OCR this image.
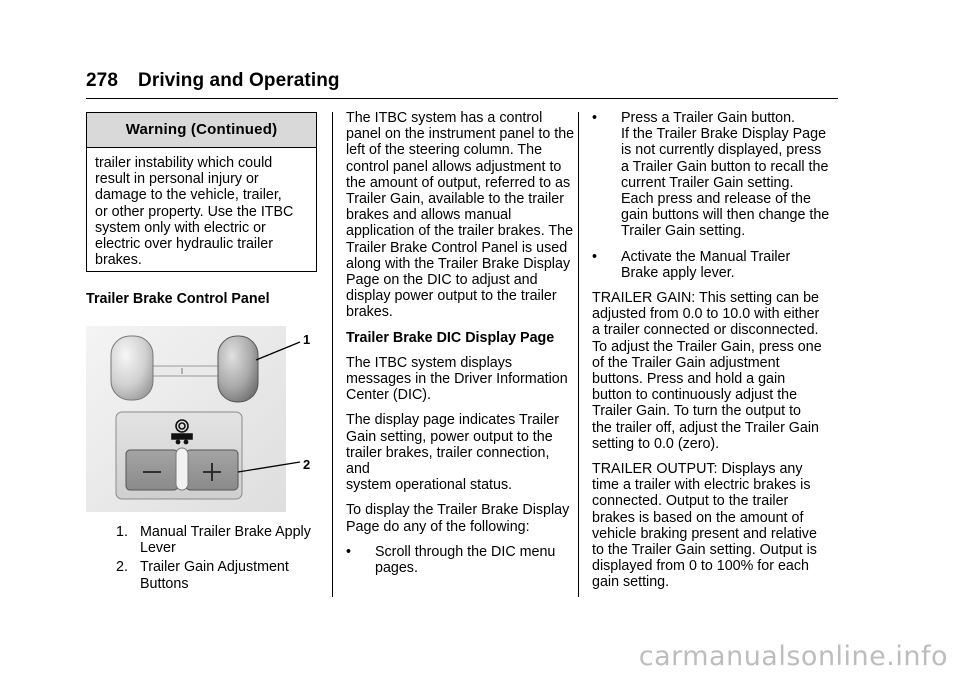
278 Driving and Operating
Warning (Continued)
trailer instability which could
result in personal injury or
damage to the vehicle, trailer,
or other property. Use the ITBC
system only with electric or
electric over hydraulic trailer
brakes.
Trailer Brake Control Panel
1
2
1. Manual Trailer Brake Apply
Lever
2. Trailer Gain Adjustment
Buttons

The ITBC system has a control
panel on the instrument panel to the
left of the steering column. The
control panel allows adjustment to
the amount of output, referred to as
Trailer Gain, available to the trailer
brakes and allows manual
application of the trailer brakes. The
Trailer Brake Control Panel is used
along with the Trailer Brake Display
Page on the DIC to adjust and
display power output to the trailer
brakes.

Trailer Brake DIC Display Page

The ITBC system displays
messages in the Driver Information
Center (DIC).

The display page indicates Trailer
Gain setting, power output to the
trailer brakes, trailer connection, and
system operational status.

To display the Trailer Brake Display
Page do any of the following:

•	Scroll through the DIC menu
pages.
•	Press a Trailer Gain button.
If the Trailer Brake Display Page
is not currently displayed, press
a Trailer Gain button to recall the
current Trailer Gain setting.
Each press and release of the
gain buttons will then change the
Trailer Gain setting.
•	Activate the Manual Trailer
Brake apply lever.

TRAILER GAIN: This setting can be
adjusted from 0.0 to 10.0 with either
a trailer connected or disconnected.
To adjust the Trailer Gain, press one
of the Trailer Gain adjustment
buttons. Press and hold a gain
button to continuously adjust the
Trailer Gain. To turn the output to
the trailer off, adjust the Trailer Gain
setting to 0.0 (zero).

TRAILER OUTPUT: Displays any
time a trailer with electric brakes is
connected. Output to the trailer
brakes is based on the amount of
vehicle braking present and relative
to the Trailer Gain setting. Output is
displayed from 0 to 100% for each
gain setting.

carmanualsonline.info
